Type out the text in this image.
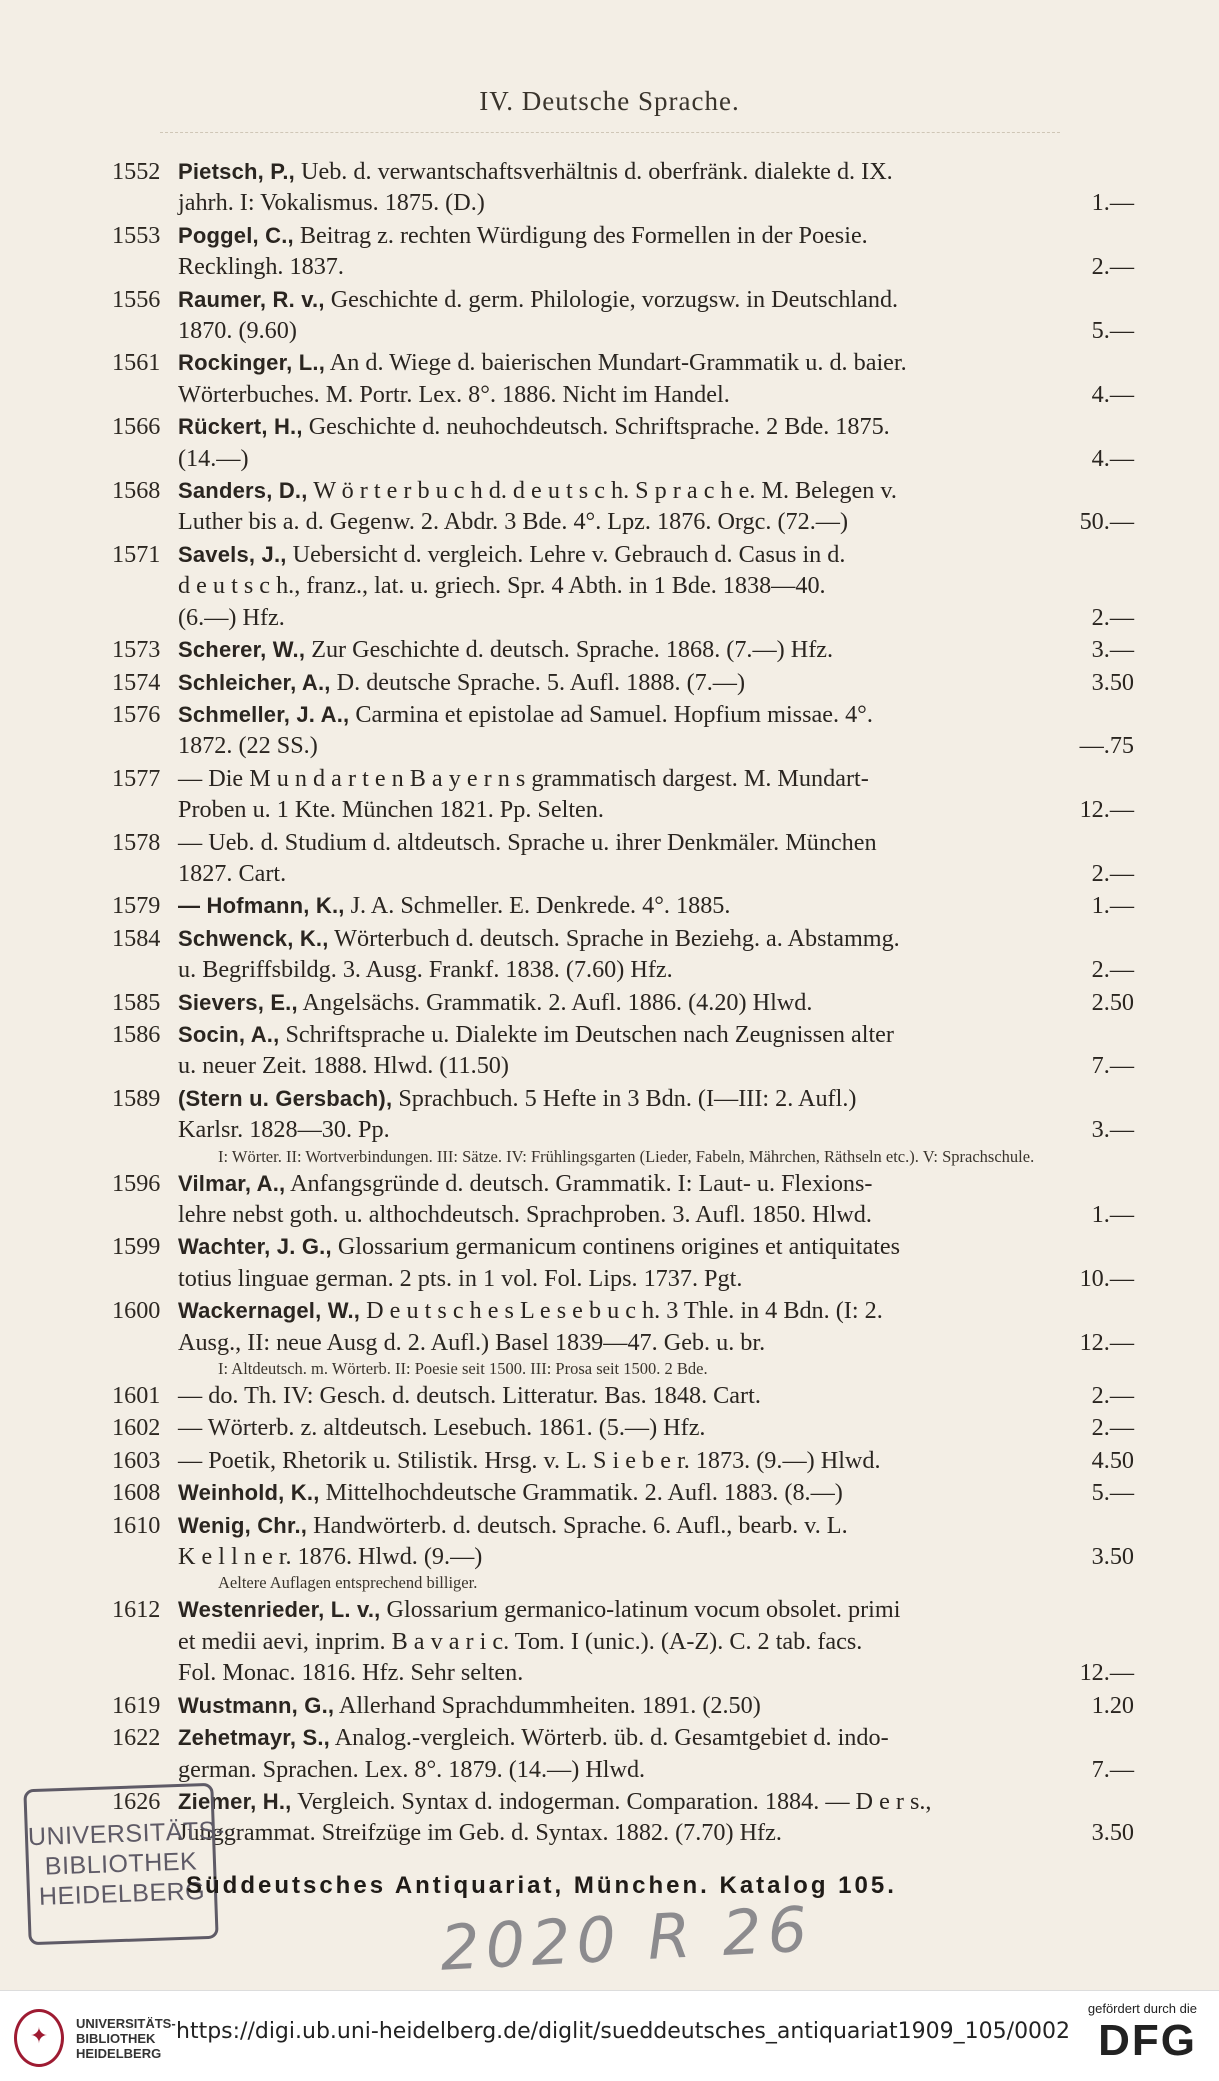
IV. Deutsche Sprache.
1552 Pietsch, P., Ueb. d. verwantschaftsverhältnis d. oberfränk. dialekte d. IX.
jahrh. I: Vokalismus. 1875. (D.)	1.—
1553 Poggel, C., Beitrag z. rechten Würdigung des Formellen in der Poesie.
Recklingh. 1837.	2.—
1556 Raumer, R. v., Geschichte d. germ. Philologie, vorzugsw. in Deutschland.
1870. (9.60)	5.—
1561 Rockinger, L., An d. Wiege d. baierischen Mundart-Grammatik u. d. baier.
Wörterbuches. M. Portr. Lex. 8°. 1886. Nicht im Handel.	4.—
1566 Rückert, H., Geschichte d. neuhochdeutsch. Schriftsprache. 2 Bde. 1875.
(14.—)	4.—
1568 Sanders, D., W ö r t e r b u c h d. d e u t s c h. S p r a c h e. M. Belegen v.
Luther bis a. d. Gegenw. 2. Abdr. 3 Bde. 4°. Lpz. 1876. Orgc. (72.—)	50.—
1571 Savels, J., Uebersicht d. vergleich. Lehre v. Gebrauch d. Casus in d.
d e u t s c h., franz., lat. u. griech. Spr. 4 Abth. in 1 Bde. 1838—40.
(6.—) Hfz.	2.—
1573 Scherer, W., Zur Geschichte d. deutsch. Sprache. 1868. (7.—) Hfz.	3.—
1574 Schleicher, A., D. deutsche Sprache. 5. Aufl. 1888. (7.—)	3.50
1576 Schmeller, J. A., Carmina et epistolae ad Samuel. Hopfium missae. 4°.
1872. (22 SS.)	—.75
1577 — Die M u n d a r t e n B a y e r n s grammatisch dargest. M. Mundart-
Proben u. 1 Kte. München 1821. Pp. Selten.	12.—
1578 — Ueb. d. Studium d. altdeutsch. Sprache u. ihrer Denkmäler. München
1827. Cart.	2.—
1579 — Hofmann, K., J. A. Schmeller. E. Denkrede. 4°. 1885.	1.—
1584 Schwenck, K., Wörterbuch d. deutsch. Sprache in Beziehg. a. Abstammg.
u. Begriffsbildg. 3. Ausg. Frankf. 1838. (7.60) Hfz.	2.—
1585 Sievers, E., Angelsächs. Grammatik. 2. Aufl. 1886. (4.20) Hlwd.	2.50
1586 Socin, A., Schriftsprache u. Dialekte im Deutschen nach Zeugnissen alter
u. neuer Zeit. 1888. Hlwd. (11.50)	7.—
1589 (Stern u. Gersbach), Sprachbuch. 5 Hefte in 3 Bdn. (I—III: 2. Aufl.)
Karlsr. 1828—30. Pp.	3.—
I: Wörter. II: Wortverbindungen. III: Sätze. IV: Frühlingsgarten (Lieder, Fabeln, Mährchen, Räthseln etc.). V: Sprachschule.
1596 Vilmar, A., Anfangsgründe d. deutsch. Grammatik. I: Laut- u. Flexions-
lehre nebst goth. u. althochdeutsch. Sprachproben. 3. Aufl. 1850. Hlwd.	1.—
1599 Wachter, J. G., Glossarium germanicum continens origines et antiquitates
totius linguae german. 2 pts. in 1 vol. Fol. Lips. 1737. Pgt.	10.—
1600 Wackernagel, W., D e u t s c h e s L e s e b u c h. 3 Thle. in 4 Bdn. (I: 2.
Ausg., II: neue Ausg d. 2. Aufl.) Basel 1839—47. Geb. u. br.	12.—
I: Altdeutsch. m. Wörterb. II: Poesie seit 1500. III: Prosa seit 1500. 2 Bde.
1601 — do. Th. IV: Gesch. d. deutsch. Litteratur. Bas. 1848. Cart.	2.—
1602 — Wörterb. z. altdeutsch. Lesebuch. 1861. (5.—) Hfz.	2.—
1603 — Poetik, Rhetorik u. Stilistik. Hrsg. v. L. S i e b e r. 1873. (9.—) Hlwd.	4.50
1608 Weinhold, K., Mittelhochdeutsche Grammatik. 2. Aufl. 1883. (8.—)	5.—
1610 Wenig, Chr., Handwörterb. d. deutsch. Sprache. 6. Aufl., bearb. v. L.
K e l l n e r. 1876. Hlwd. (9.—)	3.50
Aeltere Auflagen entsprechend billiger.
1612 Westenrieder, L. v., Glossarium germanico-latinum vocum obsolet. primi
et medii aevi, inprim. B a v a r i c. Tom. I (unic.). (A-Z). C. 2 tab. facs.
Fol. Monac. 1816. Hfz. Sehr selten.	12.—
1619 Wustmann, G., Allerhand Sprachdummheiten. 1891. (2.50)	1.20
1622 Zehetmayr, S., Analog.-vergleich. Wörterb. üb. d. Gesamtgebiet d. indo-
german. Sprachen. Lex. 8°. 1879. (14.—) Hlwd.	7.—
1626 Ziemer, H., Vergleich. Syntax d. indogerman. Comparation. 1884. — D e r s.,
Junggrammat. Streifzüge im Geb. d. Syntax. 1882. (7.70) Hfz.	3.50
UNIVERSITÄTS-
BIBLIOTHEK
HEIDELBERG
Süddeutsches Antiquariat, München. Katalog 105.
2020 R 26
✦
UNIVERSITÄTS-
BIBLIOTHEK
HEIDELBERG
https://digi.ub.uni-heidelberg.de/diglit/sueddeutsches_antiquariat1909_105/0002
gefördert durch die
DFG
